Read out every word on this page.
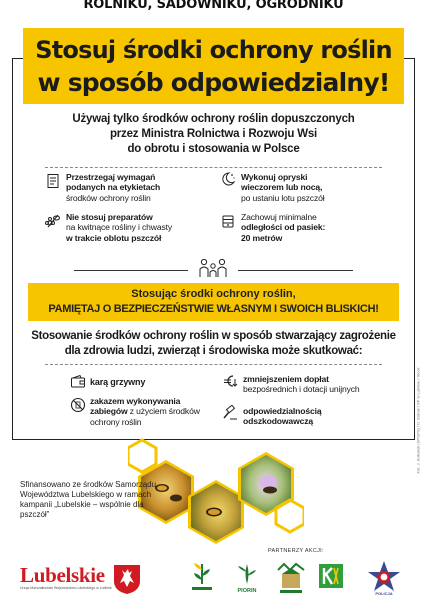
ROLNIKU, SADOWNIKU, OGRODNIKU
Stosuj środki ochrony roślin
w sposób odpowiedzialny!
Używaj tylko środków ochrony roślin dopuszczonych
przez Ministra Rolnictwa i Rozwoju Wsi
do obrotu i stosowania w Polsce
Przestrzegaj wymagań
podanych na etykietach
środków ochrony roślin
Wykonuj opryski
wieczorem lub nocą,
po ustaniu lotu pszczół
Nie stosuj preparatów
na kwitnące rośliny i chwasty
w trakcie oblotu pszczół
Zachowuj minimalne
odległości od pasiek:
20 metrów
Stosując środki ochrony roślin,
PAMIĘTAJ O BEZPIECZEŃSTWIE WŁASNYM I SWOICH BLISKICH!
Stosowanie środków ochrony roślin w sposób stwarzający zagrożenie
dla zdrowia ludzi, zwierząt i środowiska może skutkować:
karą grzywny	zmniejszeniem dopłat
bezpośrednich i dotacji unijnych
zakazem wykonywania
zabiegów z użyciem środków
ochrony roślin
odpowiedzialnością
odszkodowawczą	Fot. J. Kołtunek (SPGPS) / D. Bobak / SP w Lublinie / Stock
Sfinansowano ze środków Samorządu
Województwa Lubelskiego w ramach
kampanii „Lubelskie – wspólnie dla pszczół”
PARTNERZY AKCJI:
Lubelskie
Urząd Marszałkowski Województwa Lubelskiego w Lublinie	PIORIN	POLICJA
